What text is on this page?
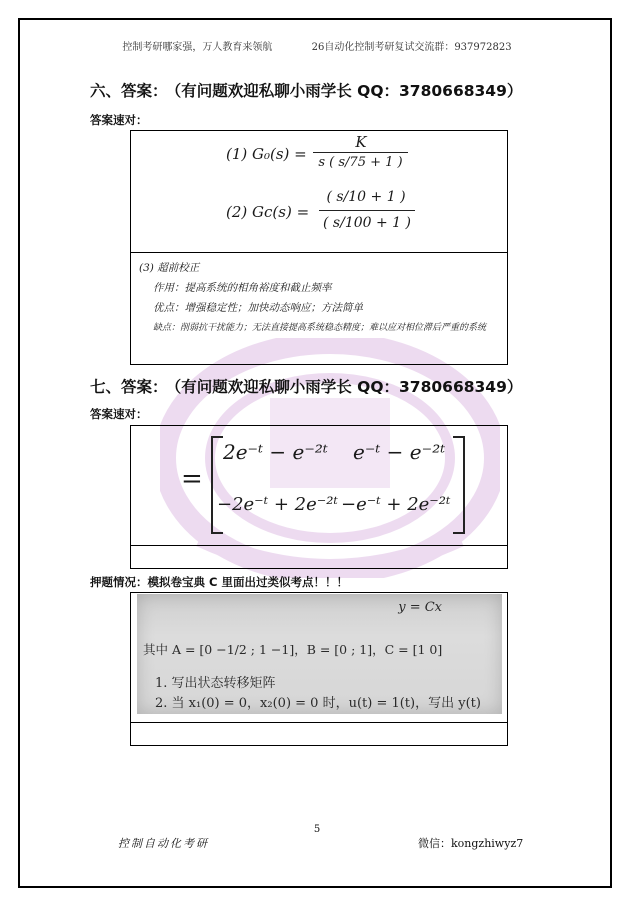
控制考研哪家强，万人教育来领航	26自动化控制考研复试交流群：937972823
六、答案： （有问题欢迎私聊小雨学长 QQ：3780668349）
答案速对：
(1) G₀(s) =
K
s ( s/75 + 1 )
(2) Gc(s) =
( s/10 + 1 )
( s/100 + 1 )
(3) 超前校正
作用：提高系统的相角裕度和截止频率
优点：增强稳定性；加快动态响应；方法简单
缺点：削弱抗干扰能力；无法直接提高系统稳态精度；难以应对相位滞后严重的系统
七、答案： （有问题欢迎私聊小雨学长 QQ：3780668349）
答案速对：
=
2e⁻ᵗ − e⁻²ᵗ e⁻ᵗ − e⁻²ᵗ
−2e⁻ᵗ + 2e⁻²ᵗ −e⁻ᵗ + 2e⁻²ᵗ
押题情况：模拟卷宝典 C 里面出过类似考点！！！
y = Cx
其中 A = [0 −1/2 ; 1 −1]，B = [0 ; 1]，C = [1 0]
1. 写出状态转移矩阵
2. 当 x₁(0) = 0，x₂(0) = 0 时，u(t) = 1(t)，写出 y(t)
5
控制自动化考研	微信：kongzhiwyz7
